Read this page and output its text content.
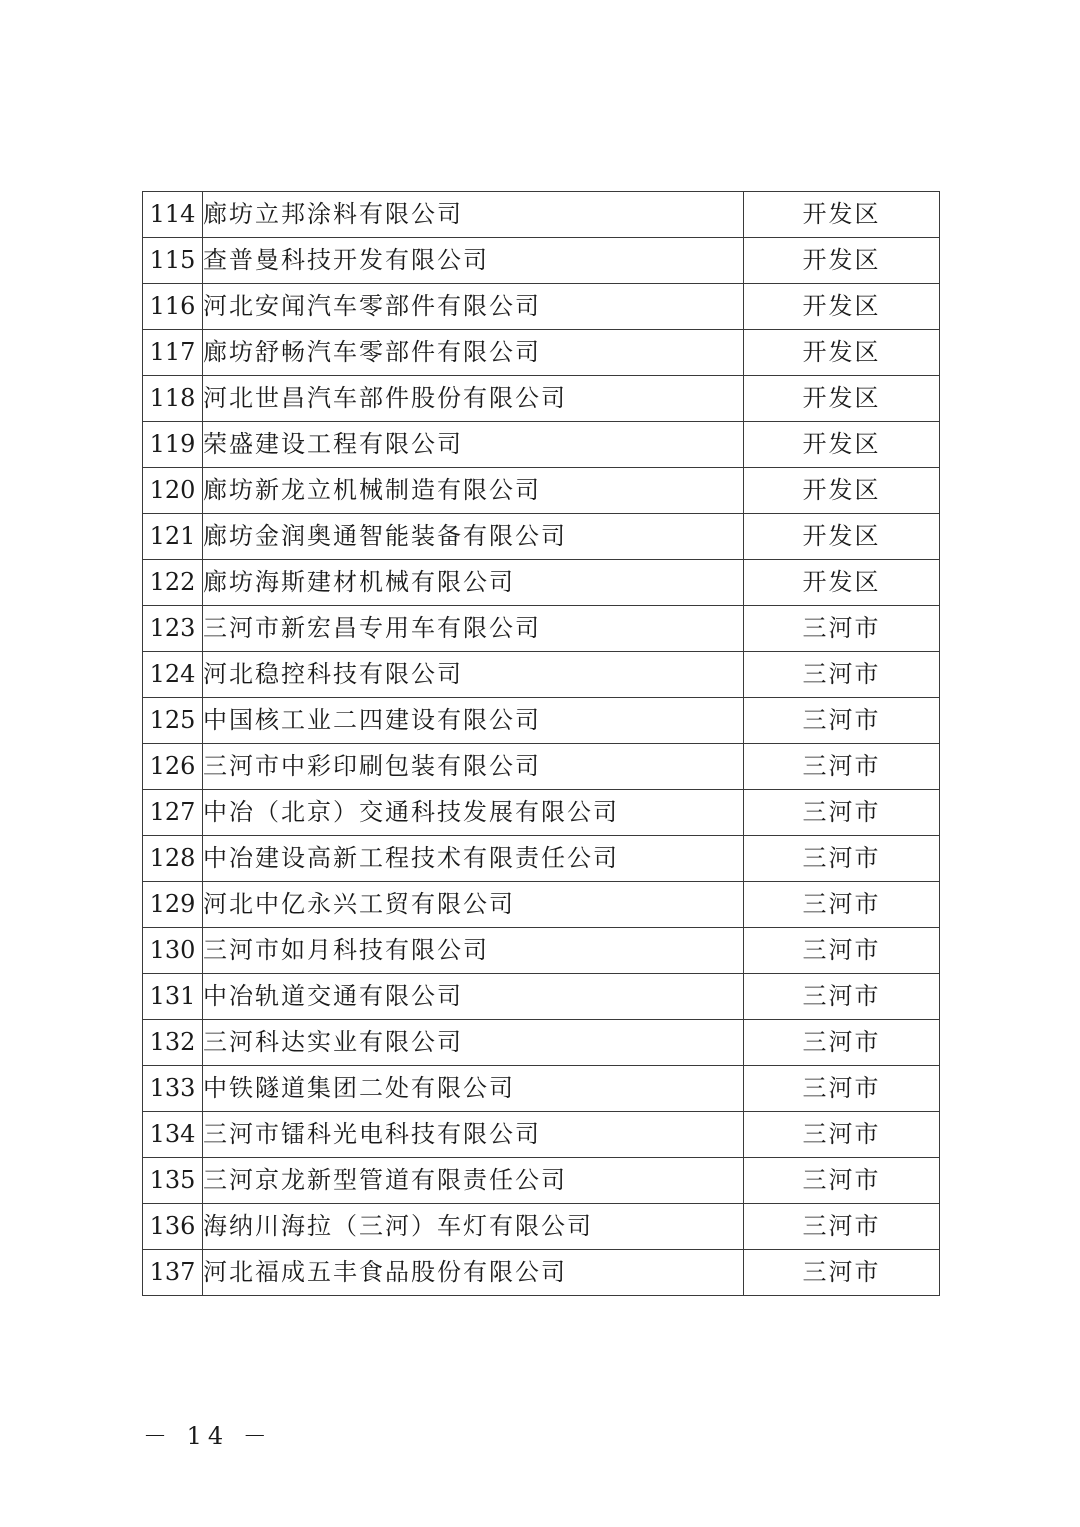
114	廊坊立邦涂料有限公司	开发区
115	查普曼科技开发有限公司	开发区
116	河北安闻汽车零部件有限公司	开发区
117	廊坊舒畅汽车零部件有限公司	开发区
118	河北世昌汽车部件股份有限公司	开发区
119	荣盛建设工程有限公司	开发区
120	廊坊新龙立机械制造有限公司	开发区
121	廊坊金润奥通智能装备有限公司	开发区
122	廊坊海斯建材机械有限公司	开发区
123	三河市新宏昌专用车有限公司	三河市
124	河北稳控科技有限公司	三河市
125	中国核工业二四建设有限公司	三河市
126	三河市中彩印刷包装有限公司	三河市
127	中冶（北京）交通科技发展有限公司	三河市
128	中冶建设高新工程技术有限责任公司	三河市
129	河北中亿永兴工贸有限公司	三河市
130	三河市如月科技有限公司	三河市
131	中冶轨道交通有限公司	三河市
132	三河科达实业有限公司	三河市
133	中铁隧道集团二处有限公司	三河市
134	三河市镭科光电科技有限公司	三河市
135	三河京龙新型管道有限责任公司	三河市
136	海纳川海拉（三河）车灯有限公司	三河市
137	河北福成五丰食品股份有限公司	三河市
－ 14 －
